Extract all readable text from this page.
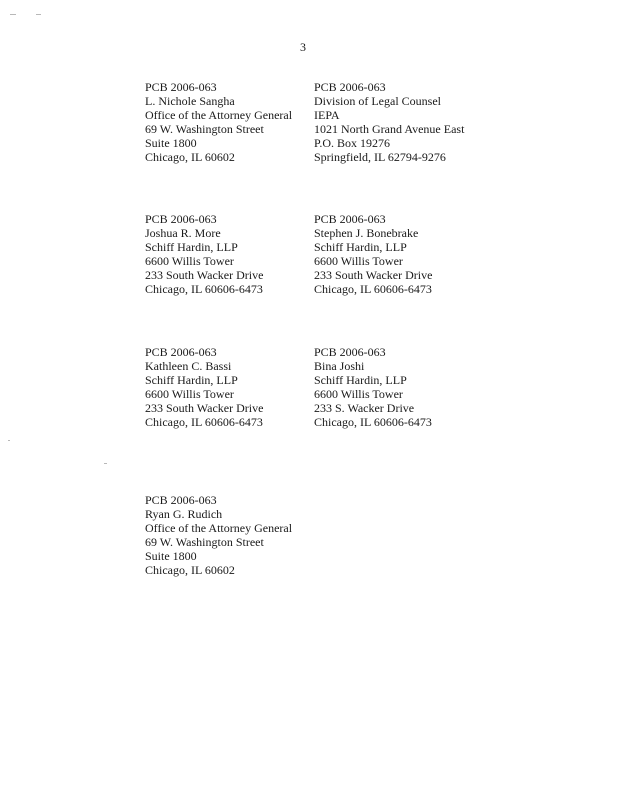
3
PCB 2006-063
L. Nichole Sangha
Office of the Attorney General
69 W. Washington Street
Suite 1800
Chicago, IL 60602
PCB 2006-063
Division of Legal Counsel
IEPA
1021 North Grand Avenue East
P.O. Box 19276
Springfield, IL 62794-9276
PCB 2006-063
Joshua R. More
Schiff Hardin, LLP
6600 Willis Tower
233 South Wacker Drive
Chicago, IL 60606-6473
PCB 2006-063
Stephen J. Bonebrake
Schiff Hardin, LLP
6600 Willis Tower
233 South Wacker Drive
Chicago, IL 60606-6473
PCB 2006-063
Kathleen C. Bassi
Schiff Hardin, LLP
6600 Willis Tower
233 South Wacker Drive
Chicago, IL 60606-6473
PCB 2006-063
Bina Joshi
Schiff Hardin, LLP
6600 Willis Tower
233 S. Wacker Drive
Chicago, IL 60606-6473
PCB 2006-063
Ryan G. Rudich
Office of the Attorney General
69 W. Washington Street
Suite 1800
Chicago, IL 60602
